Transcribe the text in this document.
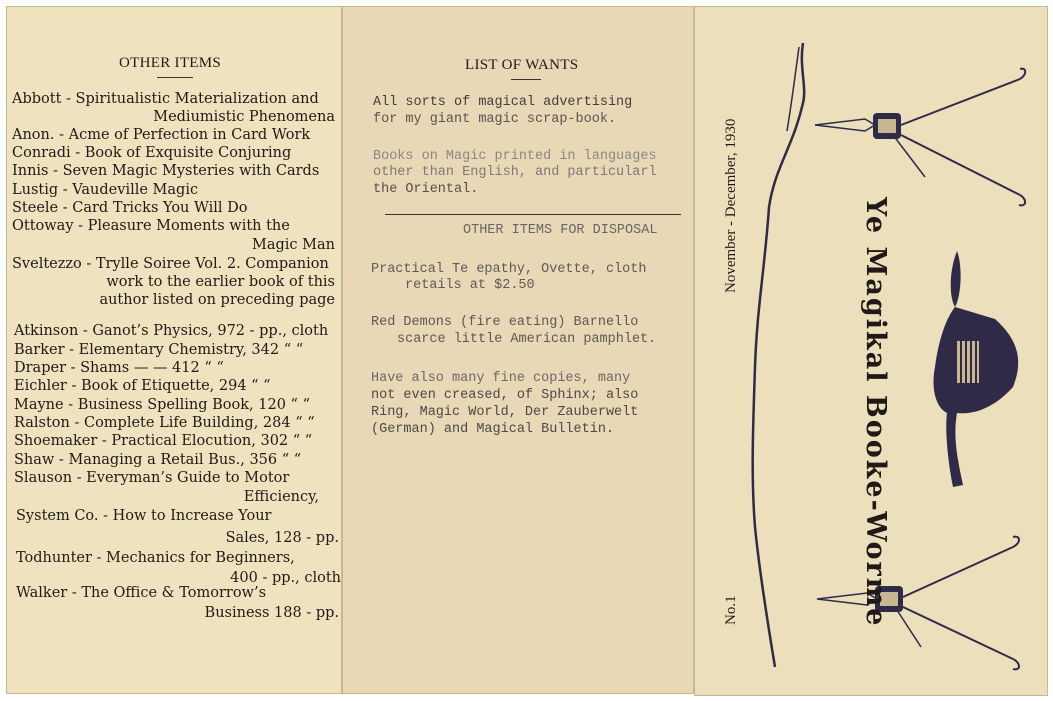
OTHER ITEMS
Abbott - Spiritualistic Materialization and
Mediumistic Phenomena
Anon. - Acme of Perfection in Card Work
Conradi - Book of Exquisite Conjuring
Innis - Seven Magic Mysteries with Cards
Lustig - Vaudeville Magic
Steele - Card Tricks You Will Do
Ottoway - Pleasure Moments with the
Magic Man
Sveltezzo - Trylle Soiree Vol. 2. Companion
work to the earlier book of this
author listed on preceding page
Atkinson - Ganot’s Physics, 972 - pp., cloth
Barker - Elementary Chemistry, 342 “ “
Draper - Shams — — 412 “ “
Eichler - Book of Etiquette, 294 “ “
Mayne - Business Spelling Book, 120 “ “
Ralston - Complete Life Building, 284 “ “
Shoemaker - Practical Elocution, 302 “ “
Shaw - Managing a Retail Bus., 356 “ “
Slauson - Everyman’s Guide to Motor
Efficiency,
System Co. - How to Increase Your
Sales, 128 - pp.
Todhunter - Mechanics for Beginners,
400 - pp., cloth
Walker - The Office & Tomorrow’s
Business 188 - pp.
LIST OF WANTS
All sorts of magical advertising
for my giant magic scrap-book.
Books on Magic printed in languages
other than English, and particularl
the Oriental.
OTHER ITEMS FOR DISPOSAL
Practical Te epathy, Ovette, cloth
retails at $2.50
Red Demons (fire eating) Barnello
scarce little American pamphlet.
Have also many fine copies, many
not even creased, of Sphinx; also
Ring, Magic World, Der Zauberwelt
(German) and Magical Bulletin.
November - December, 1930
No.1	Ye Magikal Booke-Worme
